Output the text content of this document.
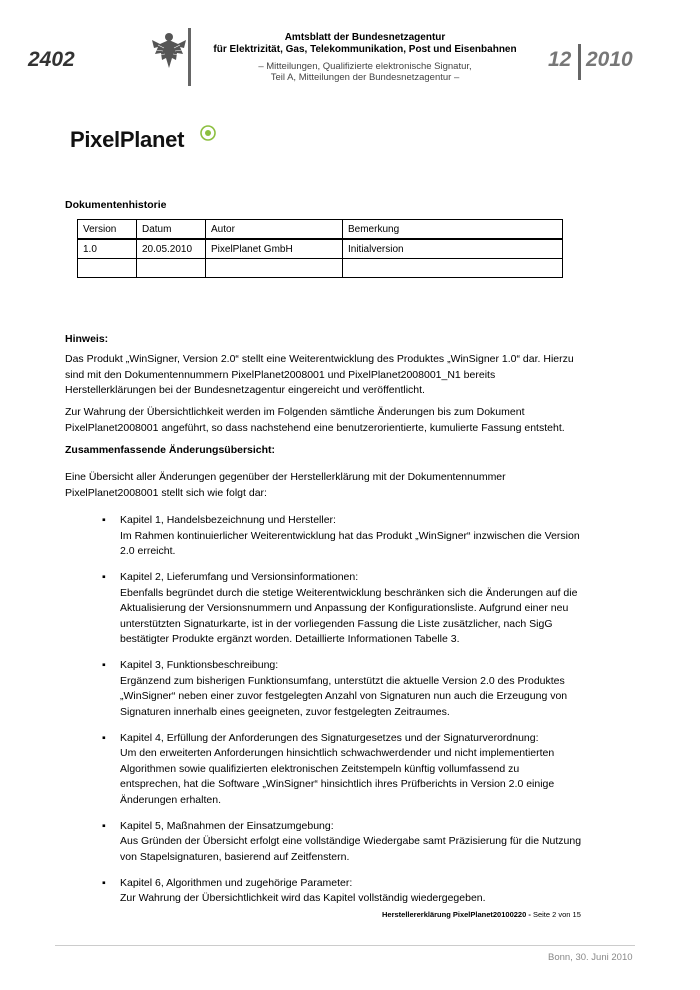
2402
Amtsblatt der Bundesnetzagentur
für Elektrizität, Gas, Telekommunikation, Post und Eisenbahnen
– Mitteilungen, Qualifizierte elektronische Signatur,
Teil A, Mitteilungen der Bundesnetzagentur –
12 2010
PixelPlanet
Dokumentenhistorie
Version	Datum	Autor	Bemerkung
1.0	20.05.2010	PixelPlanet GmbH	Initialversion

Hinweis:
Das Produkt „WinSigner, Version 2.0“ stellt eine Weiterentwicklung des Produktes „WinSigner 1.0“ dar. Hierzu sind mit den Dokumentennummern PixelPlanet2008001 und PixelPlanet2008001_N1 bereits Herstellerklärungen bei der Bundesnetzagentur eingereicht und veröffentlicht.
Zur Wahrung der Übersichtlichkeit werden im Folgenden sämtliche Änderungen bis zum Dokument PixelPlanet2008001 angeführt, so dass nachstehend eine benutzerorientierte, kumulierte Fassung entsteht.
Zusammenfassende Änderungsübersicht:
Eine Übersicht aller Änderungen gegenüber der Herstellerklärung mit der Dokumentennummer PixelPlanet2008001 stellt sich wie folgt dar:
▪ Kapitel 1, Handelsbezeichnung und Hersteller:
Im Rahmen kontinuierlicher Weiterentwicklung hat das Produkt „WinSigner“ inzwischen die Version 2.0 erreicht.
▪ Kapitel 2, Lieferumfang und Versionsinformationen:
Ebenfalls begründet durch die stetige Weiterentwicklung beschränken sich die Änderungen auf die Aktualisierung der Versionsnummern und Anpassung der Konfigurationsliste. Aufgrund einer neu unterstützten Signaturkarte, ist in der vorliegenden Fassung die Liste zusätzlicher, nach SigG bestätigter Produkte ergänzt worden. Detaillierte Informationen Tabelle 3.
▪ Kapitel 3, Funktionsbeschreibung:
Ergänzend zum bisherigen Funktionsumfang, unterstützt die aktuelle Version 2.0 des Produktes „WinSigner“ neben einer zuvor festgelegten Anzahl von Signaturen nun auch die Erzeugung von Signaturen innerhalb eines geeigneten, zuvor festgelegten Zeitraumes.
▪ Kapitel 4, Erfüllung der Anforderungen des Signaturgesetzes und der Signaturverordnung:
Um den erweiterten Anforderungen hinsichtlich schwachwerdender und nicht implementierten Algorithmen sowie qualifizierten elektronischen Zeitstempeln künftig vollumfassend zu entsprechen, hat die Software „WinSigner“ hinsichtlich ihres Prüfberichts in Version 2.0 einige Änderungen erhalten.
▪ Kapitel 5, Maßnahmen der Einsatzumgebung:
Aus Gründen der Übersicht erfolgt eine vollständige Wiedergabe samt Präzisierung für die Nutzung von Stapelsignaturen, basierend auf Zeitfenstern.
▪ Kapitel 6, Algorithmen und zugehörige Parameter:
Zur Wahrung der Übersichtlichkeit wird das Kapitel vollständig wiedergegeben.
Herstellererklärung PixelPlanet20100220 - Seite 2 von 15
Bonn, 30. Juni 2010
